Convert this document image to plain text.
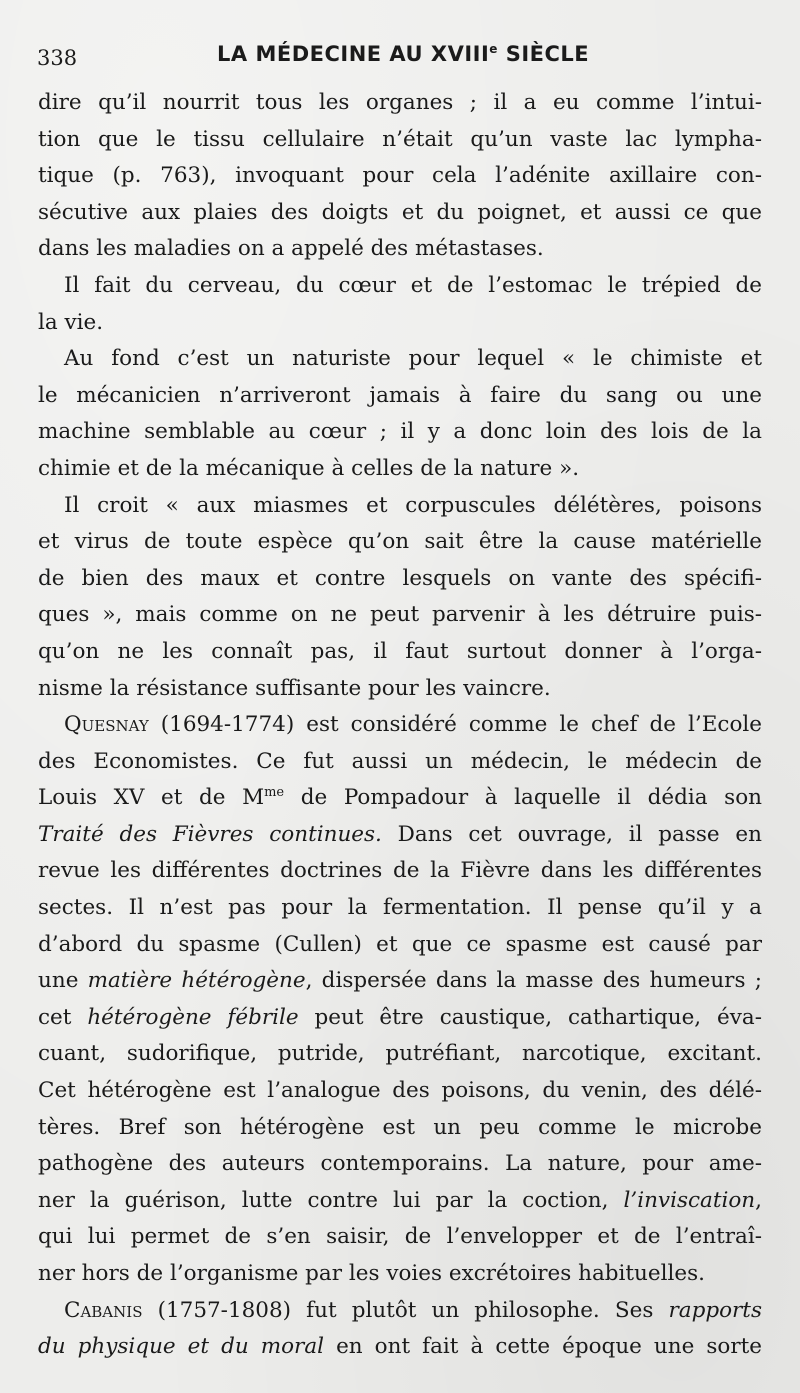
338	LA MÉDECINE AU XVIIIe SIÈCLE
dire qu’il nourrit tous les organes ; il a eu comme l’intui-
tion que le tissu cellulaire n’était qu’un vaste lac lympha-
tique (p. 763), invoquant pour cela l’adénite axillaire con-
sécutive aux plaies des doigts et du poignet, et aussi ce que
dans les maladies on a appelé des métastases.
Il fait du cerveau, du cœur et de l’estomac le trépied de
la vie.
Au fond c’est un naturiste pour lequel « le chimiste et
le mécanicien n’arriveront jamais à faire du sang ou une
machine semblable au cœur ; il y a donc loin des lois de la
chimie et de la mécanique à celles de la nature ».
Il croit « aux miasmes et corpuscules délétères, poisons
et virus de toute espèce qu’on sait être la cause matérielle
de bien des maux et contre lesquels on vante des spécifi-
ques », mais comme on ne peut parvenir à les détruire puis-
qu’on ne les connaît pas, il faut surtout donner à l’orga-
nisme la résistance suffisante pour les vaincre.
Quesnay (1694-1774) est considéré comme le chef de l’Ecole
des Economistes. Ce fut aussi un médecin, le médecin de
Louis XV et de $M^{me}$ de Pompadour à laquelle il dédia son
Traité des Fièvres continues. Dans cet ouvrage, il passe en
revue les différentes doctrines de la Fièvre dans les différentes
sectes. Il n’est pas pour la fermentation. Il pense qu’il y a
d’abord du spasme (Cullen) et que ce spasme est causé par
une matière hétérogène, dispersée dans la masse des humeurs ;
cet hétérogène fébrile peut être caustique, cathartique, éva-
cuant, sudorifique, putride, putréfiant, narcotique, excitant.
Cet hétérogène est l’analogue des poisons, du venin, des délé-
tères. Bref son hétérogène est un peu comme le microbe
pathogène des auteurs contemporains. La nature, pour ame-
ner la guérison, lutte contre lui par la coction, l’inviscation,
qui lui permet de s’en saisir, de l’envelopper et de l’entraî-
ner hors de l’organisme par les voies excrétoires habituelles.
Cabanis (1757-1808) fut plutôt un philosophe. Ses rapports
du physique et du moral en ont fait à cette époque une sorte
